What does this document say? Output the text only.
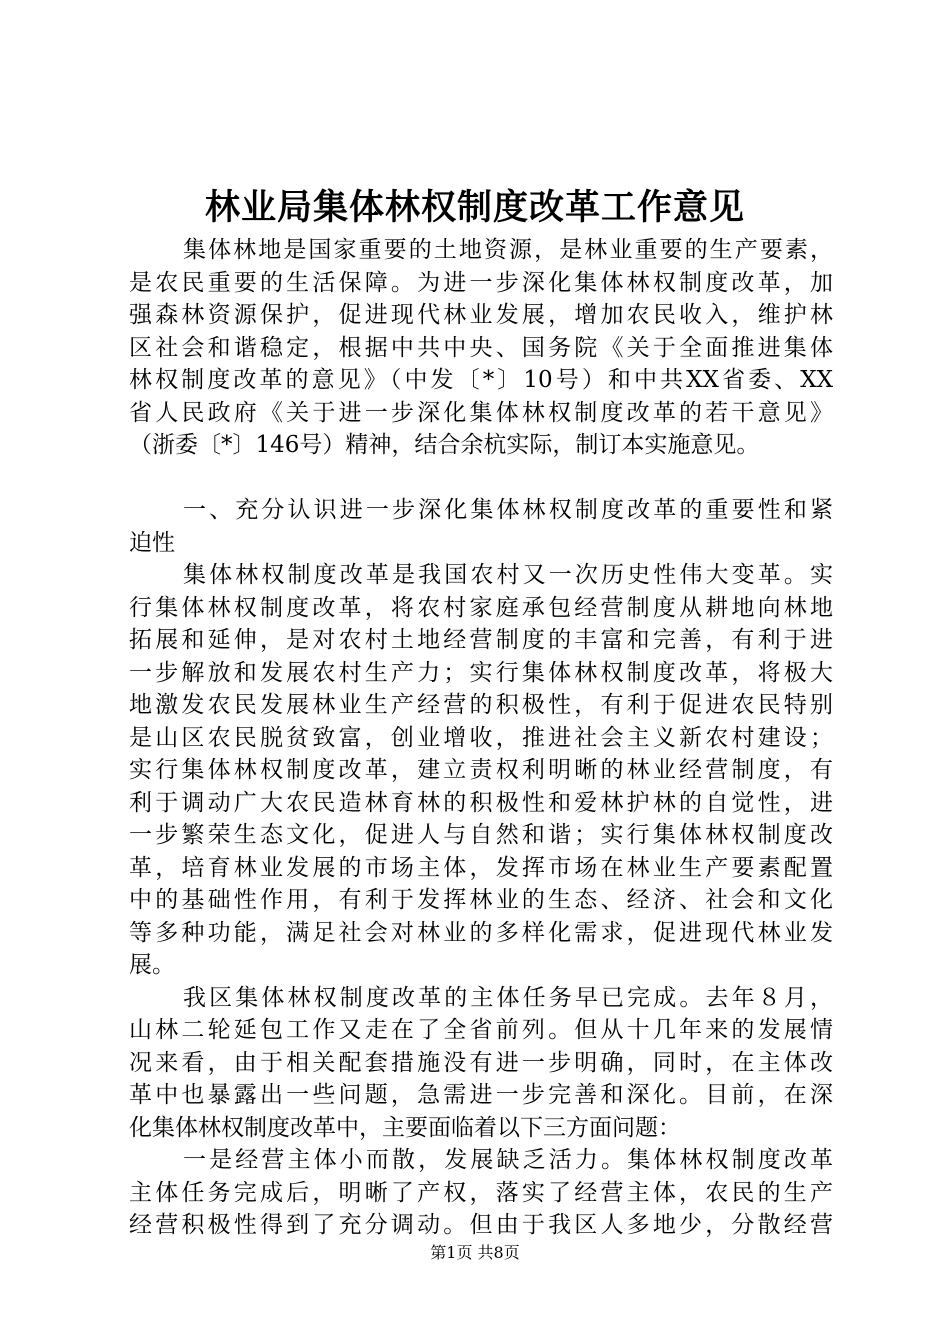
林业局集体林权制度改革工作意见
集体林地是国家重要的土地资源，是林业重要的生产要素，
是农民重要的生活保障。为进一步深化集体林权制度改革，加
强森林资源保护，促进现代林业发展，增加农民收入，维护林
区社会和谐稳定，根据中共中央、国务院《关于全面推进集体
林权制度改革的意见》（中发〔*〕10号）和中共XX省委、XX
省人民政府《关于进一步深化集体林权制度改革的若干意见》
（浙委〔*〕146号）精神，结合余杭实际，制订本实施意见。
一、充分认识进一步深化集体林权制度改革的重要性和紧
迫性
集体林权制度改革是我国农村又一次历史性伟大变革。实
行集体林权制度改革，将农村家庭承包经营制度从耕地向林地
拓展和延伸，是对农村土地经营制度的丰富和完善，有利于进
一步解放和发展农村生产力；实行集体林权制度改革，将极大
地激发农民发展林业生产经营的积极性，有利于促进农民特别
是山区农民脱贫致富，创业增收，推进社会主义新农村建设；
实行集体林权制度改革，建立责权利明晰的林业经营制度，有
利于调动广大农民造林育林的积极性和爱林护林的自觉性，进
一步繁荣生态文化，促进人与自然和谐；实行集体林权制度改
革，培育林业发展的市场主体，发挥市场在林业生产要素配置
中的基础性作用，有利于发挥林业的生态、经济、社会和文化
等多种功能，满足社会对林业的多样化需求，促进现代林业发
展。
我区集体林权制度改革的主体任务早已完成。去年８月，
山林二轮延包工作又走在了全省前列。但从十几年来的发展情
况来看，由于相关配套措施没有进一步明确，同时，在主体改
革中也暴露出一些问题，急需进一步完善和深化。目前，在深
化集体林权制度改革中，主要面临着以下三方面问题：
一是经营主体小而散，发展缺乏活力。集体林权制度改革
主体任务完成后，明晰了产权，落实了经营主体，农民的生产
经营积极性得到了充分调动。但由于我区人多地少，分散经营
第1页 共8页
